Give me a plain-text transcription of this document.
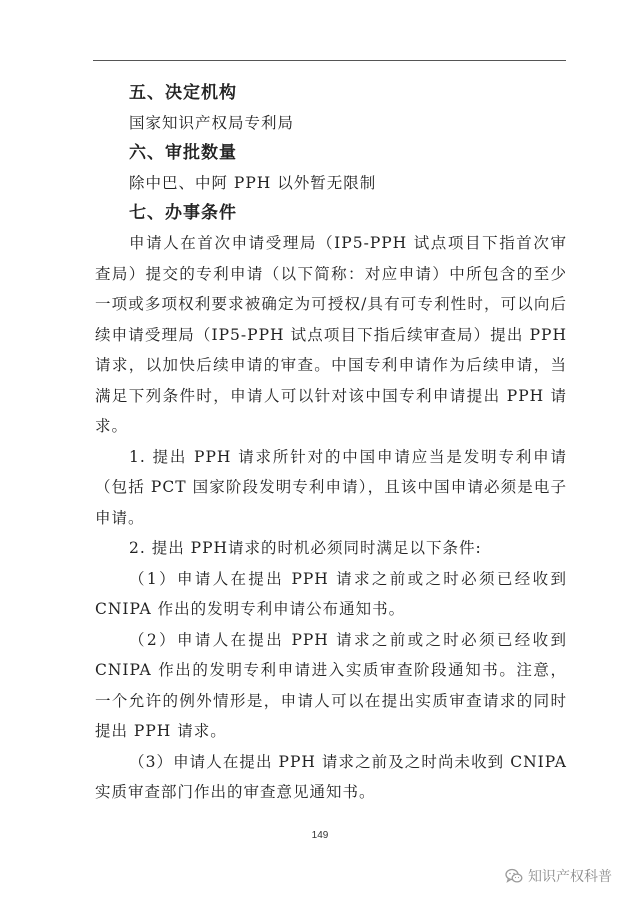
五、决定机构
国家知识产权局专利局
六、审批数量
除中巴、中阿 PPH 以外暂无限制
七、办事条件

申请人在首次申请受理局（IP5-PPH 试点项目下指首次审查局）提交的专利申请（以下简称：对应申请）中所包含的至少一项或多项权利要求被确定为可授权/具有可专利性时，可以向后续申请受理局（IP5-PPH 试点项目下指后续审查局）提出 PPH 请求，以加快后续申请的审查。中国专利申请作为后续申请，当满足下列条件时，申请人可以针对该中国专利申请提出 PPH 请求。

1. 提出 PPH 请求所针对的中国申请应当是发明专利申请（包括 PCT 国家阶段发明专利申请），且该中国申请必须是电子申请。

2. 提出 PPH请求的时机必须同时满足以下条件:

（1）申请人在提出 PPH 请求之前或之时必须已经收到 CNIPA 作出的发明专利申请公布通知书。

（2）申请人在提出 PPH 请求之前或之时必须已经收到 CNIPA 作出的发明专利申请进入实质审查阶段通知书。注意，一个允许的例外情形是，申请人可以在提出实质审查请求的同时提出 PPH 请求。

（3）申请人在提出 PPH 请求之前及之时尚未收到 CNIPA 实质审查部门作出的审查意见通知书。

149
知识产权科普
